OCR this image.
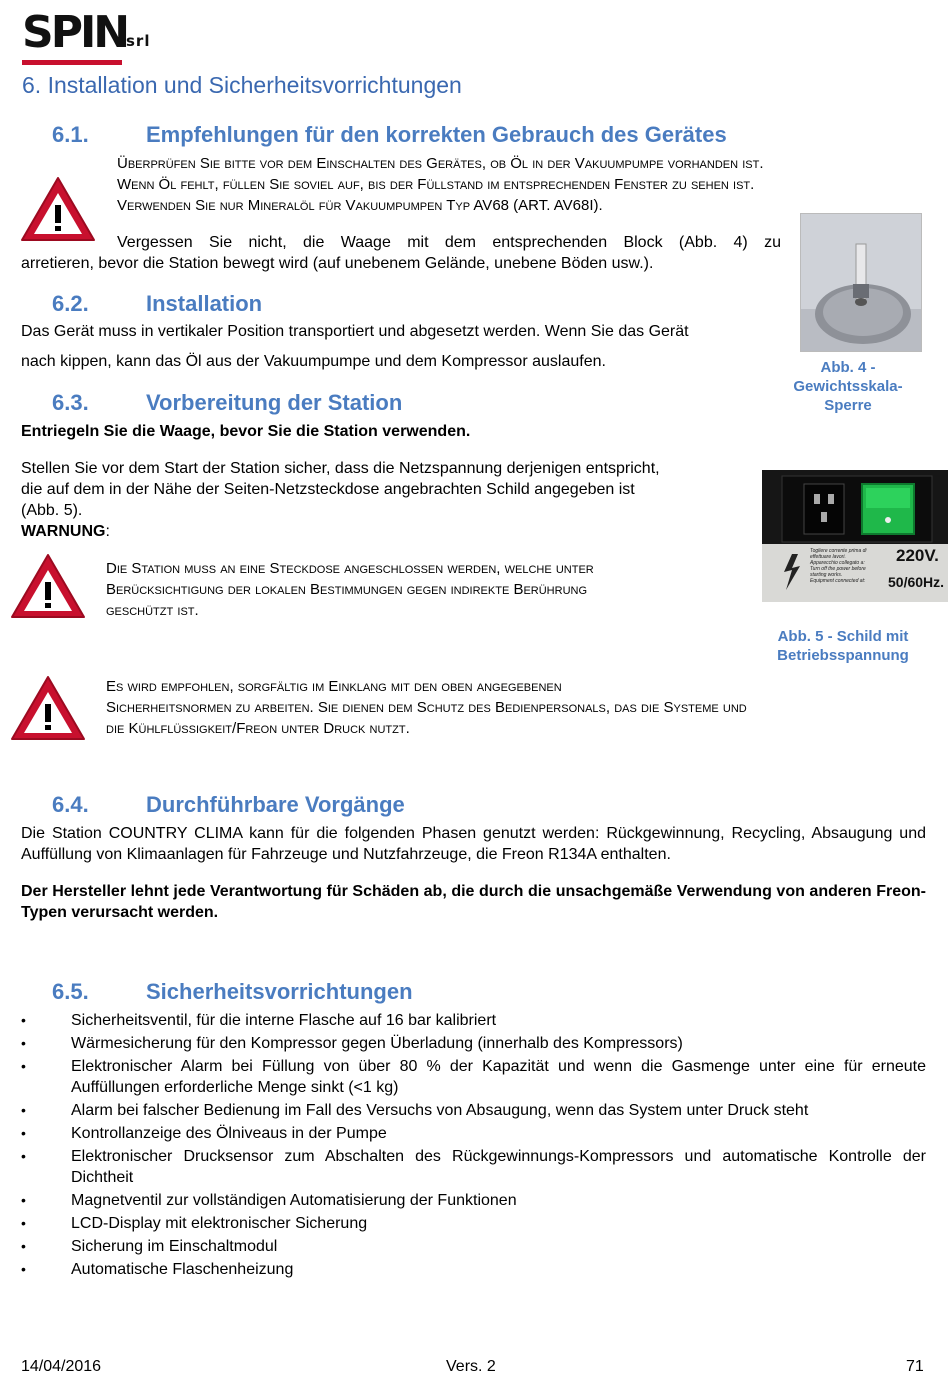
SPIN
srl
6. Installation und Sicherheitsvorrichtungen
6.1.	Empfehlungen für den korrekten Gebrauch des Gerätes
Überprüfen Sie bitte vor dem Einschalten des Gerätes, ob Öl in der Vakuumpumpe vorhanden ist.
Wenn Öl fehlt, füllen Sie soviel auf, bis der Füllstand im entsprechenden Fenster zu sehen ist.
Verwenden Sie nur Mineralöl für Vakuumpumpen Typ AV68 (ART. AV68I).
Vergessen Sie nicht, die Waage mit dem entsprechenden Block (Abb. 4) zu
arretieren, bevor die Station bewegt wird (auf unebenem Gelände, unebene Böden usw.).
Abb. 4 -
Gewichtsskala-
Sperre
6.2.	Installation
Das Gerät muss in vertikaler Position transportiert und abgesetzt werden. Wenn Sie das Gerät
nach kippen, kann das Öl aus der Vakuumpumpe und dem Kompressor auslaufen.
6.3.	Vorbereitung der Station
Entriegeln Sie die Waage, bevor Sie die Station verwenden.
Stellen Sie vor dem Start der Station sicher, dass die Netzspannung derjenigen entspricht,
die auf dem in der Nähe der Seiten-Netzsteckdose angebrachten Schild angegeben ist
(Abb. 5).
WARNUNG:
Togliere corrente prima di
effettuare lavori.
Apparecchio collegato a:
Turn off the power before
starting works.
Equipment connected at:
220V.
50/60Hz.
Abb. 5 - Schild mit
Betriebsspannung
Die Station muss an eine Steckdose angeschlossen werden, welche unter
Berücksichtigung der lokalen Bestimmungen gegen indirekte Berührung
geschützt ist.
Es wird empfohlen, sorgfältig im Einklang mit den oben angegebenen
Sicherheitsnormen zu arbeiten. Sie dienen dem Schutz des Bedienpersonals, das die Systeme und
die Kühlflüssigkeit/Freon unter Druck nutzt.
6.4.	Durchführbare Vorgänge
Die Station COUNTRY CLIMA kann für die folgenden Phasen genutzt werden: Rückgewinnung, Recycling, Absaugung und Auffüllung von Klimaanlagen für Fahrzeuge und Nutzfahrzeuge, die Freon R134A enthalten.
Der Hersteller lehnt jede Verantwortung für Schäden ab, die durch die unsachgemäße Verwendung von anderen Freon-Typen verursacht werden.
6.5.	Sicherheitsvorrichtungen
• Sicherheitsventil, für die interne Flasche auf 16 bar kalibriert
• Wärmesicherung für den Kompressor gegen Überladung (innerhalb des Kompressors)
• Elektronischer Alarm bei Füllung von über 80 % der Kapazität und wenn die Gasmenge unter eine für erneute Auffüllungen erforderliche Menge sinkt (<1 kg)
• Alarm bei falscher Bedienung im Fall des Versuchs von Absaugung, wenn das System unter Druck steht
• Kontrollanzeige des Ölniveaus in der Pumpe
• Elektronischer Drucksensor zum Abschalten des Rückgewinnungs-Kompressors und automatische Kontrolle der Dichtheit
• Magnetventil zur vollständigen Automatisierung der Funktionen
• LCD-Display mit elektronischer Sicherung
• Sicherung im Einschaltmodul
• Automatische Flaschenheizung
14/04/2016	Vers. 2	71
